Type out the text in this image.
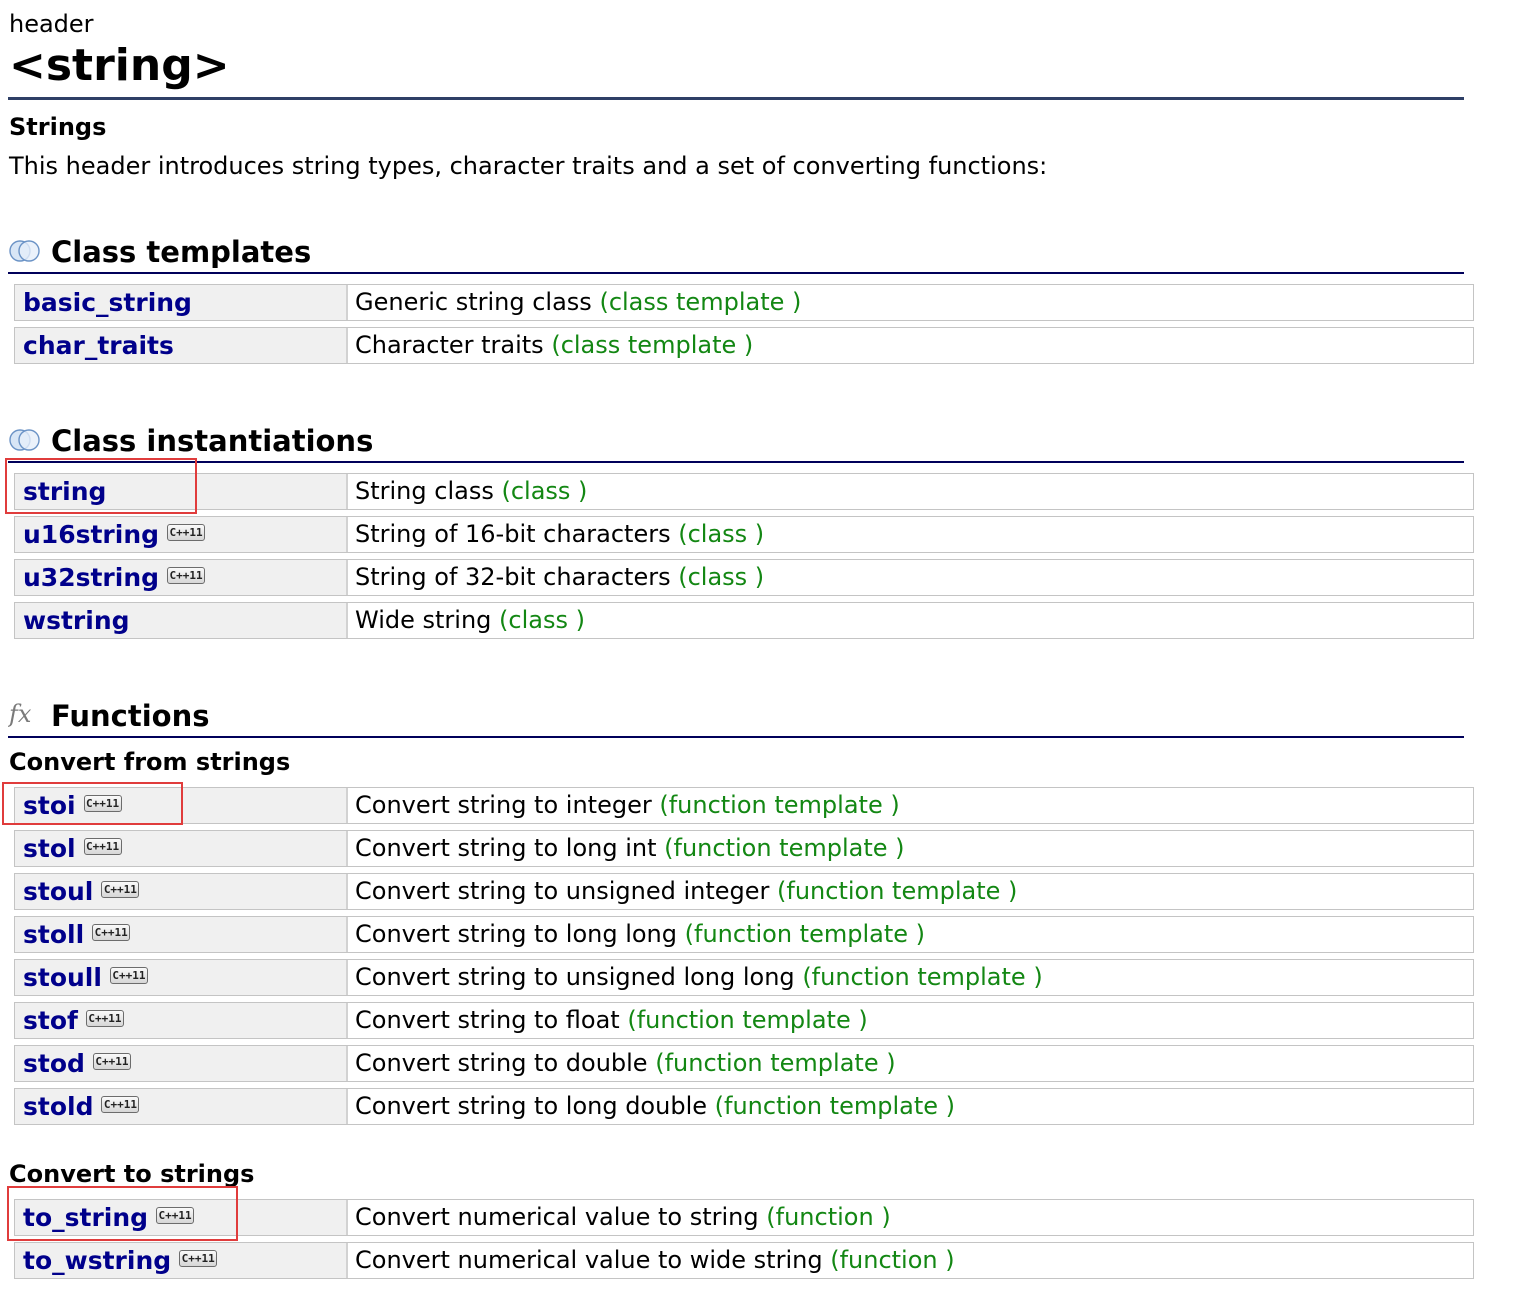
header
<string>
Strings
This header introduces string types, character traits and a set of converting functions:
Class templates
basic_string	Generic string class (class template )
char_traits	Character traits (class template )
Class instantiations
string	String class (class )
u16string C++11	String of 16-bit characters (class )
u32string C++11	String of 32-bit characters (class )
wstring	Wide string (class )
fx Functions
Convert from strings
stoi C++11	Convert string to integer (function template )
stol C++11	Convert string to long int (function template )
stoul C++11	Convert string to unsigned integer (function template )
stoll C++11	Convert string to long long (function template )
stoull C++11	Convert string to unsigned long long (function template )
stof C++11	Convert string to float (function template )
stod C++11	Convert string to double (function template )
stold C++11	Convert string to long double (function template )
Convert to strings
to_string C++11	Convert numerical value to string (function )
to_wstring C++11	Convert numerical value to wide string (function )
